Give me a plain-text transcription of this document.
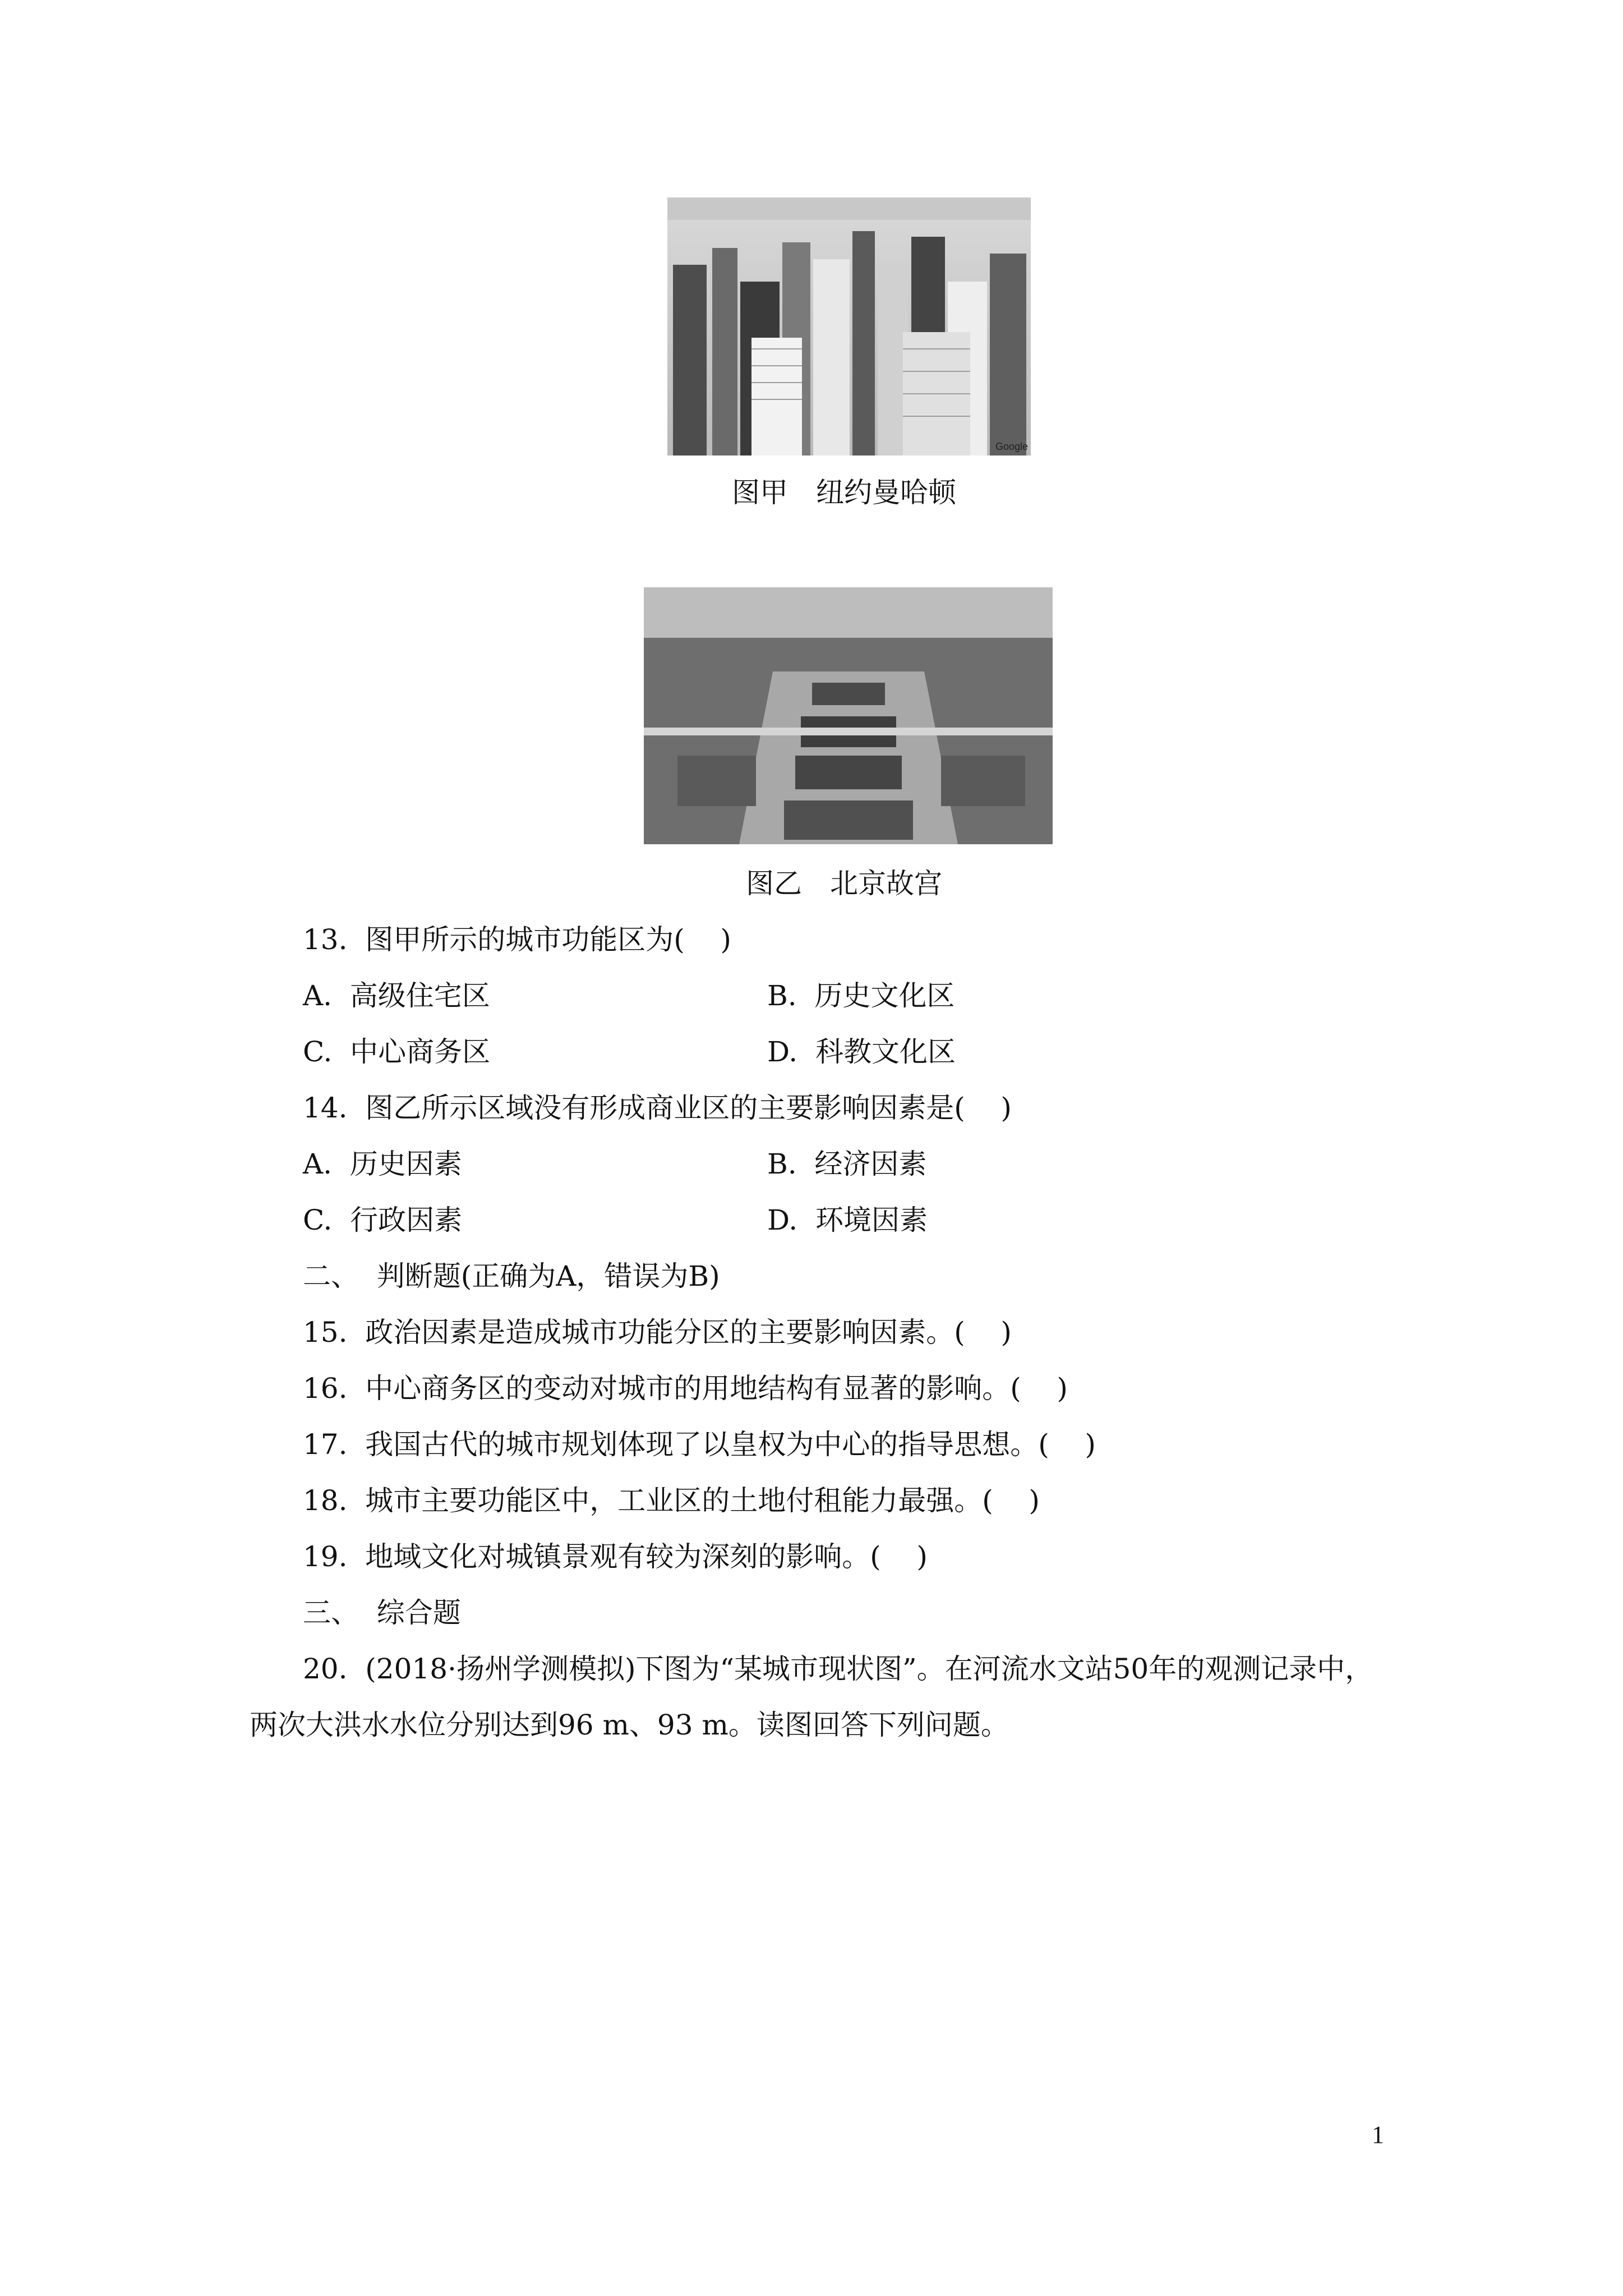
Google
图甲　纽约曼哈顿
图乙　北京故宫
13.  图甲所示的城市功能区为(    )
A.  高级住宅区	B.  历史文化区
C.  中心商务区	D.  科教文化区
14.  图乙所示区域没有形成商业区的主要影响因素是(    )
A.  历史因素	B.  经济因素
C.  行政因素	D.  环境因素
二、  判断题(正确为A，错误为B)
15.  政治因素是造成城市功能分区的主要影响因素。(    )
16.  中心商务区的变动对城市的用地结构有显著的影响。(    )
17.  我国古代的城市规划体现了以皇权为中心的指导思想。(    )
18.  城市主要功能区中，工业区的土地付租能力最强。(    )
19.  地域文化对城镇景观有较为深刻的影响。(    )
三、  综合题
20.  (2018·扬州学测模拟)下图为“某城市现状图”。在河流水文站50年的观测记录中，
两次大洪水水位分别达到96 m、93 m。读图回答下列问题。
1
